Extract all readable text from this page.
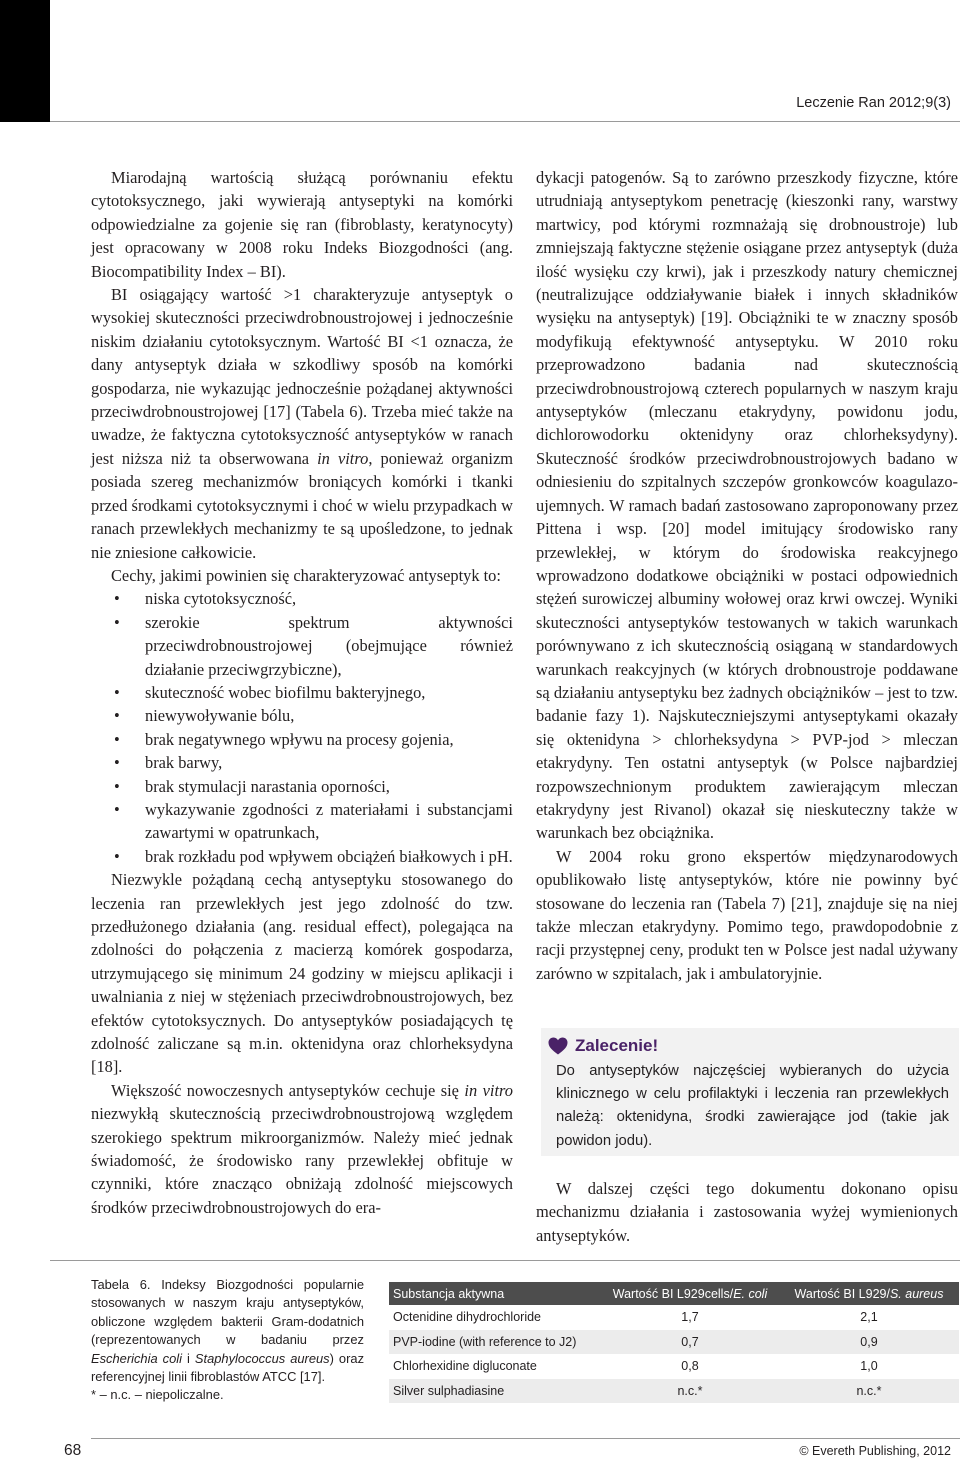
Leczenie Ran 2012;9(3)

Miarodajną wartością służącą porównaniu efektu cytotoksycznego, jaki wywierają antyseptyki na komórki odpowiedzialne za gojenie się ran (fibroblasty, keratynocyty) jest opracowany w 2008 roku Indeks Biozgodności (ang. Biocompatibility Index – BI).

BI osiągający wartość >1 charakteryzuje antyseptyk o wysokiej skuteczności przeciwdrobnoustrojowej i jednocześnie niskim działaniu cytotoksycznym. Wartość BI <1 oznacza, że dany antyseptyk działa w szkodliwy sposób na komórki gospodarza, nie wykazując jednocześnie pożądanej aktywności przeciwdrobnoustrojowej [17] (Tabela 6). Trzeba mieć także na uwadze, że faktyczna cytotoksyczność antyseptyków w ranach jest niższa niż ta obserwowana in vitro, ponieważ organizm posiada szereg mechanizmów broniących komórki i tkanki przed środkami cytotoksycznymi i choć w wielu przypadkach w ranach przewlekłych mechanizmy te są upośledzone, to jednak nie zniesione całkowicie.

Cechy, jakimi powinien się charakteryzować antyseptyk to:

• niska cytotoksyczność,
• szerokie spektrum aktywności przeciwdrobnoustrojowej (obejmujące również działanie przeciwgrzybiczne),
• skuteczność wobec biofilmu bakteryjnego,
• niewywoływanie bólu,
• brak negatywnego wpływu na procesy gojenia,
• brak barwy,
• brak stymulacji narastania oporności,
• wykazywanie zgodności z materiałami i substancjami zawartymi w opatrunkach,
• brak rozkładu pod wpływem obciążeń białkowych i pH.

Niezwykle pożądaną cechą antyseptyku stosowanego do leczenia ran przewlekłych jest jego zdolność do tzw. przedłużonego działania (ang. residual effect), polegająca na zdolności do połączenia z macierzą komórek gospodarza, utrzymującego się minimum 24 godziny w miejscu aplikacji i uwalniania z niej w stężeniach przeciwdrobnoustrojowych, bez efektów cytotoksycznych. Do antyseptyków posiadających tę zdolność zaliczane są m.in. oktenidyna oraz chlorheksydyna [18].

Większość nowoczesnych antyseptyków cechuje się in vitro niezwykłą skutecznością przeciwdrobnoustrojową względem szerokiego spektrum mikroorganizmów. Należy mieć jednak świadomość, że środowisko rany przewlekłej obfituje w czynniki, które znacząco obniżają zdolność miejscowych środków przeciwdrobnoustrojowych do era-

dykacji patogenów. Są to zarówno przeszkody fizyczne, które utrudniają antyseptykom penetrację (kieszonki rany, warstwy martwicy, pod którymi rozmnażają się drobnoustroje) lub zmniejszają faktyczne stężenie osiągane przez antyseptyk (duża ilość wysięku czy krwi), jak i przeszkody natury chemicznej (neutralizujące oddziaływanie białek i innych składników wysięku na antyseptyk) [19]. Obciążniki te w znaczny sposób modyfikują efektywność antyseptyku. W 2010 roku przeprowadzono badania nad skutecznością przeciwdrobnoustrojową czterech popularnych w naszym kraju antyseptyków (mleczanu etakrydyny, powidonu jodu, dichlorowodorku oktenidyny oraz chlorheksydyny). Skuteczność środków przeciwdrobnoustrojowych badano w odniesieniu do szpitalnych szczepów gronkowców koagulazo-ujemnych. W ramach badań zastosowano zaproponowany przez Pittena i wsp. [20] model imitujący środowisko rany przewlekłej, w którym do środowiska reakcyjnego wprowadzono dodatkowe obciążniki w postaci odpowiednich stężeń surowiczej albuminy wołowej oraz krwi owczej. Wyniki skuteczności antyseptyków testowanych w takich warunkach porównywano z ich skutecznością osiąganą w standardowych warunkach reakcyjnych (w których drobnoustroje poddawane są działaniu antyseptyku bez żadnych obciążników – jest to tzw. badanie fazy 1). Najskuteczniejszymi antyseptykami okazały się oktenidyna > chlorheksydyna > PVP-jod > mleczan etakrydyny. Ten ostatni antyseptyk (w Polsce najbardziej rozpowszechnionym produktem zawierającym mleczan etakrydyny jest Rivanol) okazał się nieskuteczny także w warunkach bez obciążnika.

W 2004 roku grono ekspertów międzynarodowych opublikowało listę antyseptyków, które nie powinny być stosowane do leczenia ran (Tabela 7) [21], znajduje się na niej także mleczan etakrydyny. Pomimo tego, prawdopodobnie z racji przystępnej ceny, produkt ten w Polsce jest nadal używany zarówno w szpitalach, jak i ambulatoryjnie.

Zalecenie!
Do antyseptyków najczęściej wybieranych do użycia klinicznego w celu profilaktyki i leczenia ran przewlekłych należą: oktenidyna, środki zawierające jod (takie jak powidon jodu).
W dalszej części tego dokumentu dokonano opisu mechanizmu działania i zastosowania wyżej wymienionych antyseptyków.
Tabela 6. Indeksy Biozgodności popularnie stosowanych w naszym kraju antyseptyków, obliczone względem bakterii Gram-dodatnich (reprezentowanych w badaniu przez Escherichia coli i Staphylococcus aureus) oraz referencyjnej linii fibroblastów ATCC [17].
* – n.c. – niepoliczalne.
Substancja aktywna	Wartość BI L929cells/E. coli	Wartość BI L929/S. aureus
Octenidine dihydrochloride	1,7	2,1
PVP-iodine (with reference to J2)	0,7	0,9
Chlorhexidine digluconate	0,8	1,0
Silver sulphadiasine	n.c.*	n.c.*
68	© Evereth Publishing, 2012
